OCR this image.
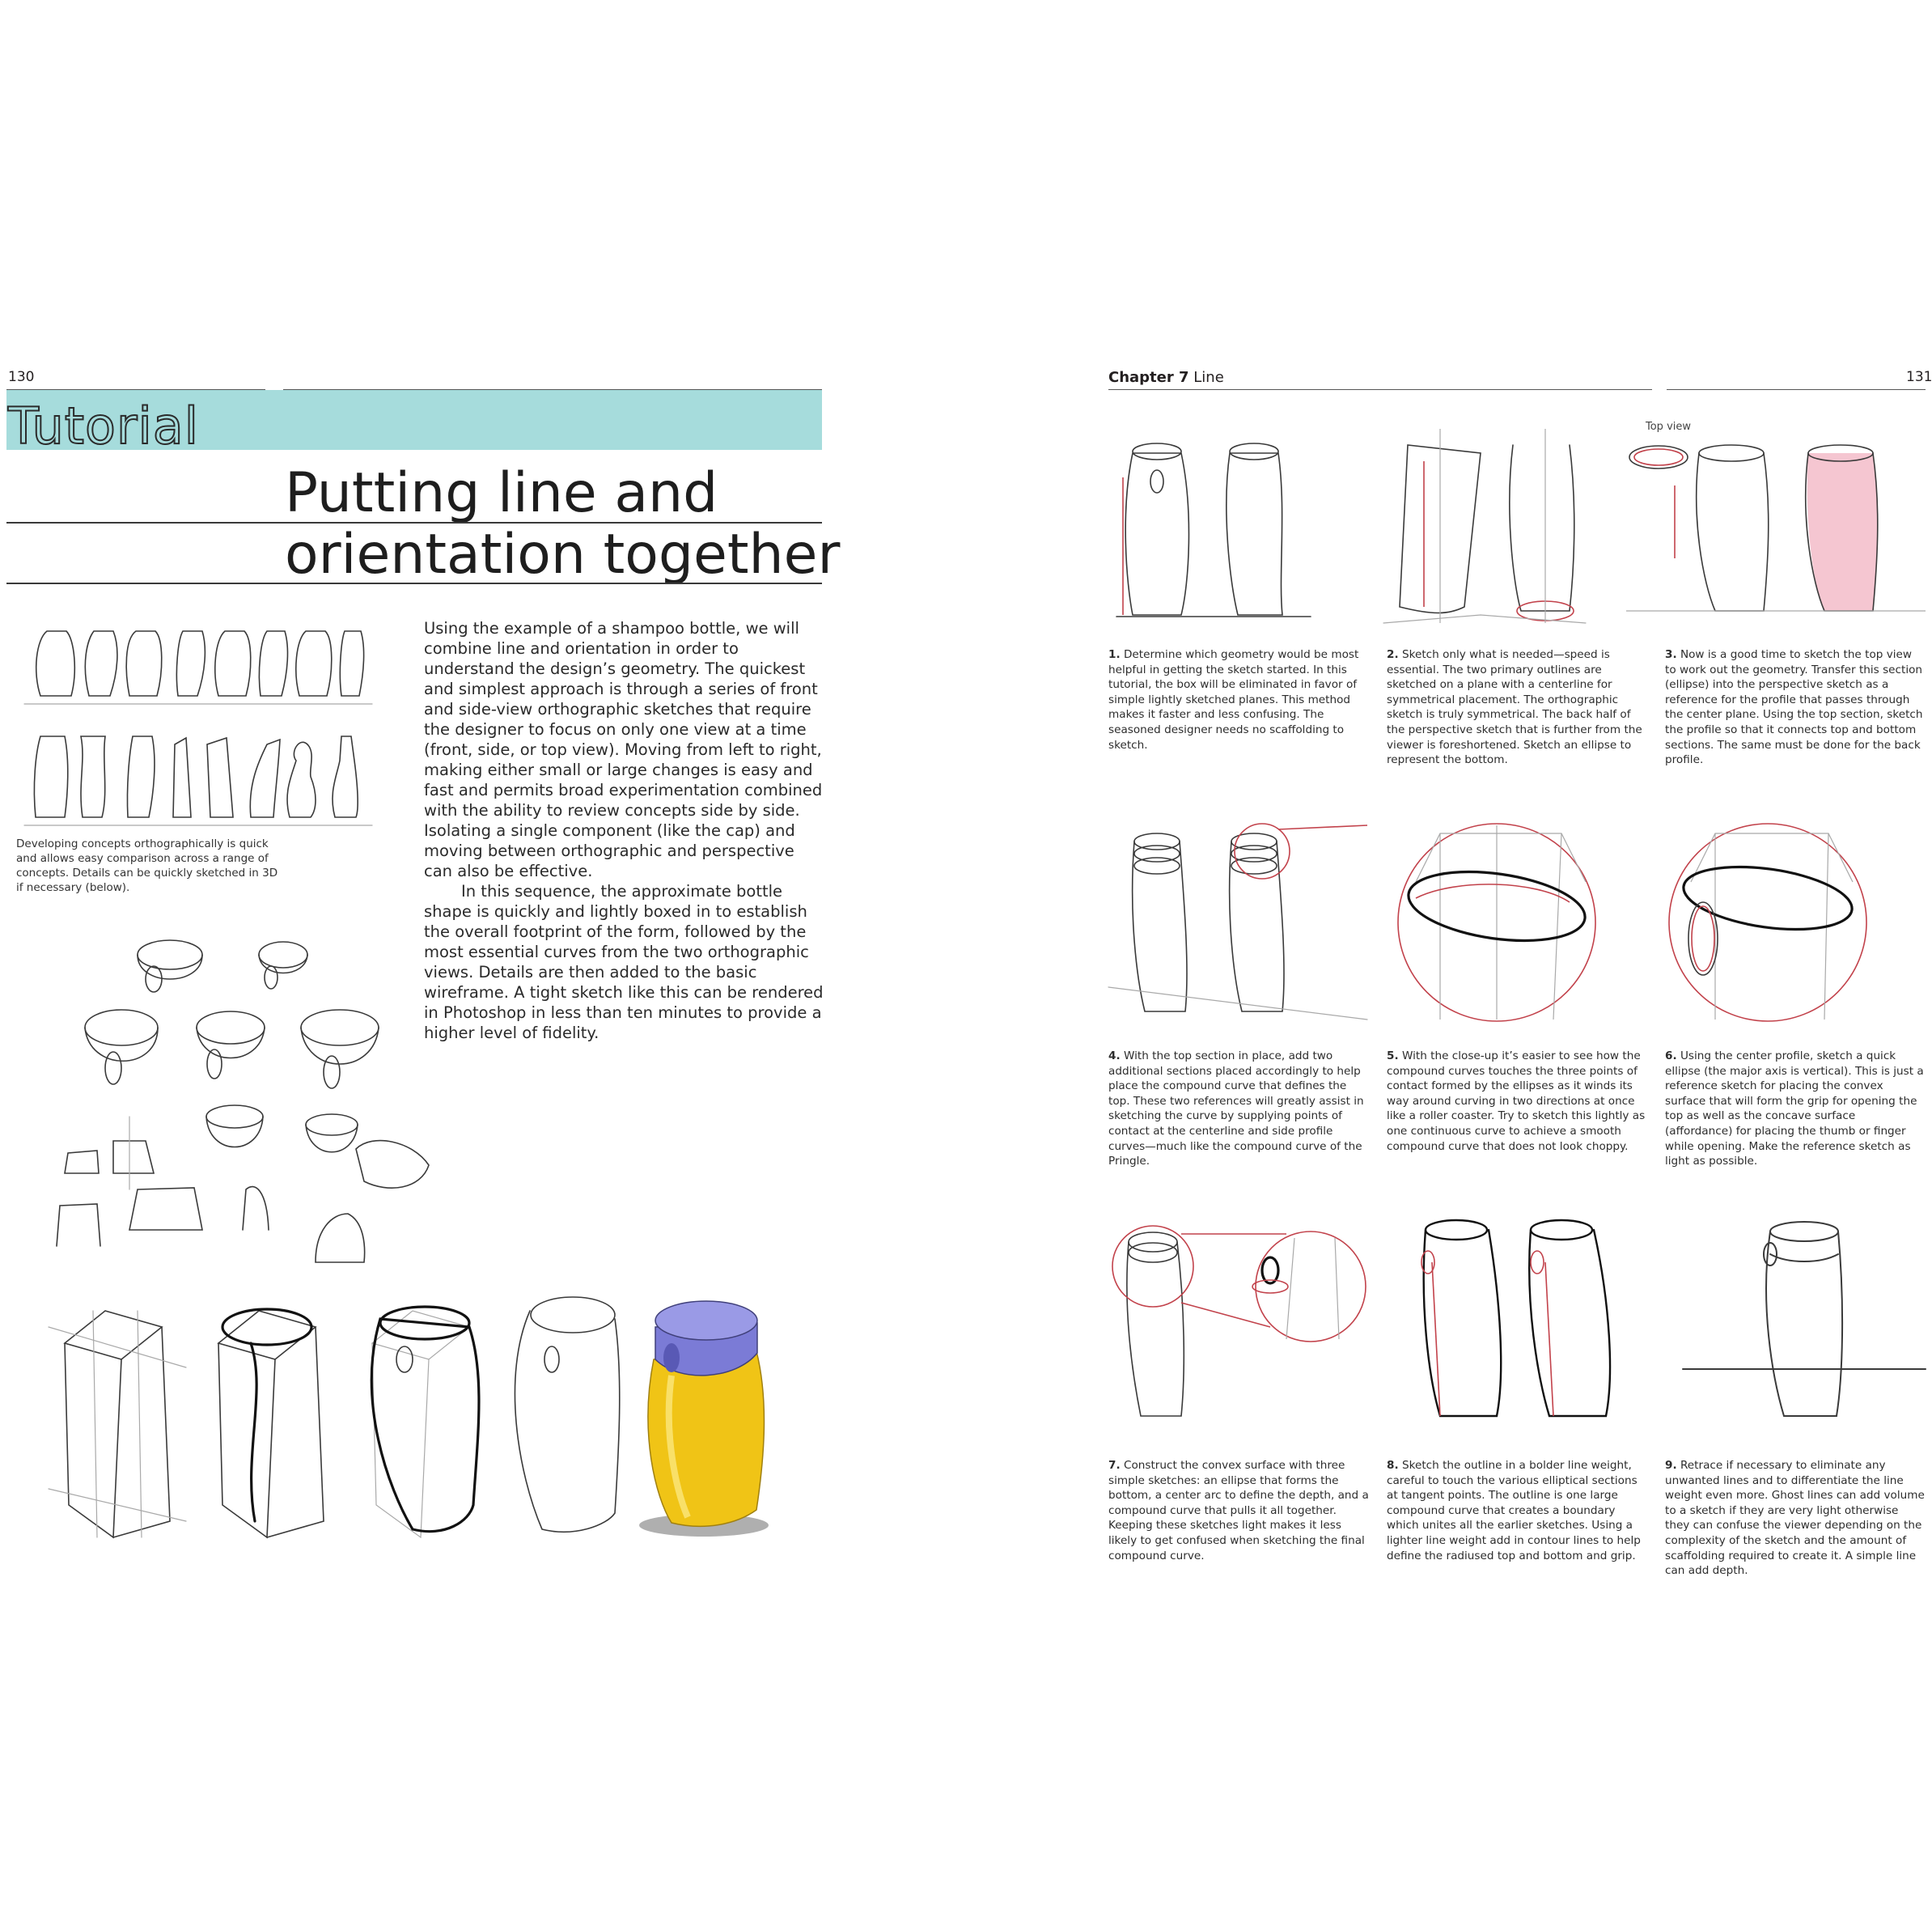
130
Tutorial
Putting line and
orientation together

Using the example of a shampoo bottle, we will combine line and orientation in order to understand the design’s geometry. The quickest and simplest approach is through a series of front and side-view orthographic sketches that require the designer to focus on only one view at a time (front, side, or top view). Moving from left to right, making either small or large changes is easy and fast and permits broad experimentation combined with the ability to review concepts side by side. Isolating a single component (like the cap) and moving between orthographic and perspective can also be effective.

In this sequence, the approximate bottle shape is quickly and lightly boxed in to establish the overall footprint of the form, followed by the most essential curves from the two orthographic views. Details are then added to the basic wireframe. A tight sketch like this can be rendered in Photoshop in less than ten minutes to provide a higher level of fidelity.

Developing concepts orthographically is quick and allows easy comparison across a range of concepts. Details can be quickly sketched in 3D if necessary (below).
Chapter 7 Line	131
Top view
1. Determine which geometry would be most helpful in getting the sketch started. In this tutorial, the box will be eliminated in favor of simple lightly sketched planes. This method makes it faster and less confusing. The seasoned designer needs no scaffolding to sketch.
2. Sketch only what is needed—speed is essential. The two primary outlines are sketched on a plane with a centerline for symmetrical placement. The orthographic sketch is truly symmetrical. The back half of the perspective sketch that is further from the viewer is foreshortened. Sketch an ellipse to represent the bottom.
3. Now is a good time to sketch the top view to work out the geometry. Transfer this section (ellipse) into the perspective sketch as a reference for the profile that passes through the center plane. Using the top section, sketch the profile so that it connects top and bottom sections. The same must be done for the back profile.
4. With the top section in place, add two additional sections placed accordingly to help place the compound curve that defines the top. These two references will greatly assist in sketching the curve by supplying points of contact at the centerline and side profile curves—much like the compound curve of the Pringle.
5. With the close-up it’s easier to see how the compound curves touches the three points of contact formed by the ellipses as it winds its way around curving in two directions at once like a roller coaster. Try to sketch this lightly as one continuous curve to achieve a smooth compound curve that does not look choppy.
6. Using the center profile, sketch a quick ellipse (the major axis is vertical). This is just a reference sketch for placing the convex surface that will form the grip for opening the top as well as the concave surface (affordance) for placing the thumb or finger while opening. Make the reference sketch as light as possible.
7. Construct the convex surface with three simple sketches: an ellipse that forms the bottom, a center arc to define the depth, and a compound curve that pulls it all together. Keeping these sketches light makes it less likely to get confused when sketching the final compound curve.
8. Sketch the outline in a bolder line weight, careful to touch the various elliptical sections at tangent points. The outline is one large compound curve that creates a boundary which unites all the earlier sketches. Using a lighter line weight add in contour lines to help define the radiused top and bottom and grip.
9. Retrace if necessary to eliminate any unwanted lines and to differentiate the line weight even more. Ghost lines can add volume to a sketch if they are very light otherwise they can confuse the viewer depending on the complexity of the sketch and the amount of scaffolding required to create it. A simple line can add depth.
